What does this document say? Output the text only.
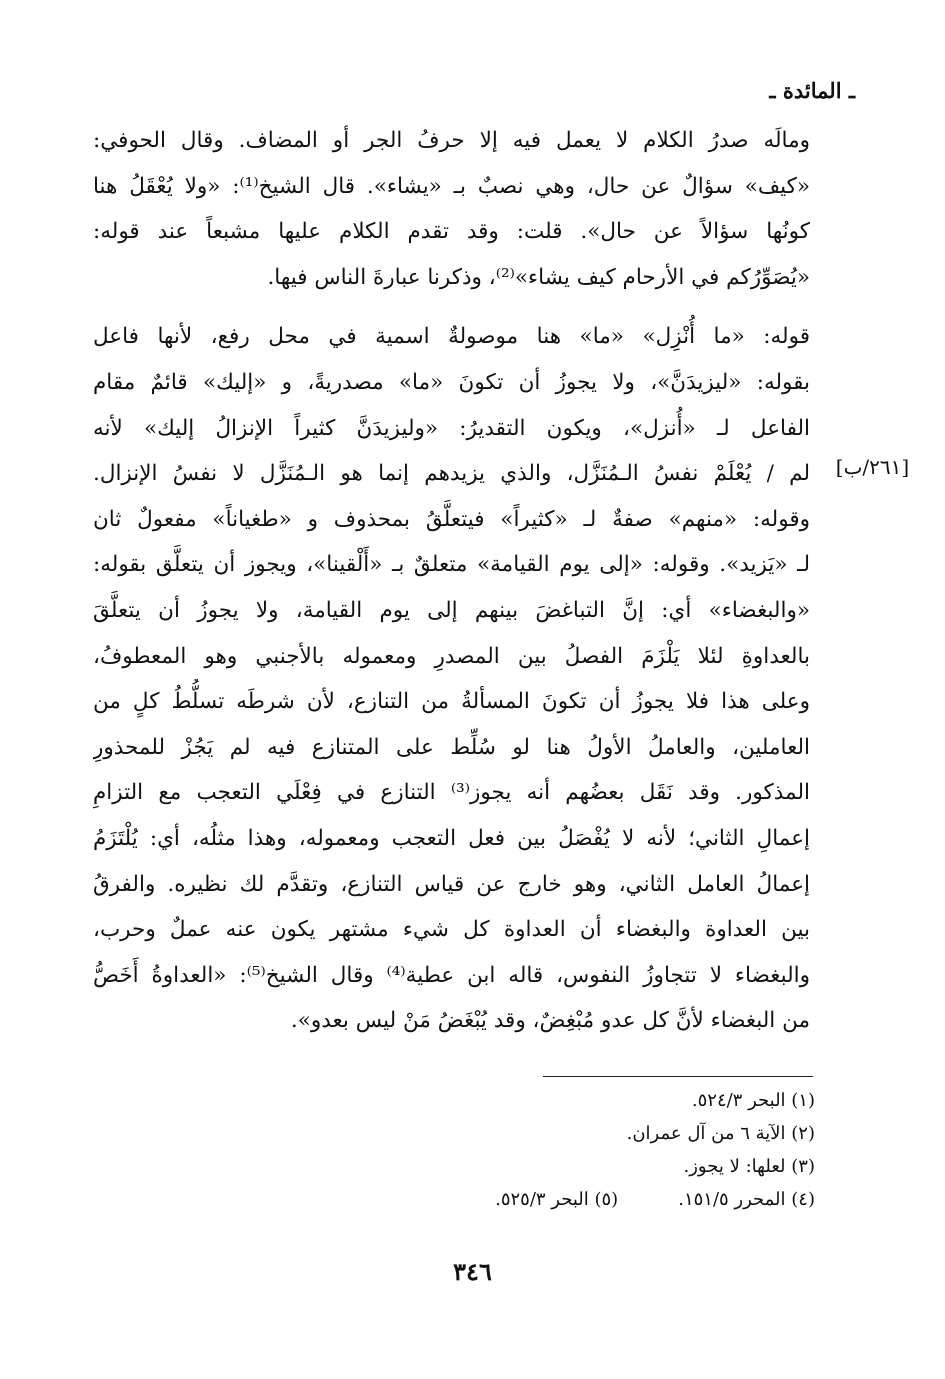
ـ المائدة ـ
[٢٦١/ب]
ومالَه صدرُ الكلام لا يعمل فيه إلا حرفُ الجر أو المضاف. وقال الحوفي:
«كيف» سؤالٌ عن حال، وهي نصبٌ بـ «يشاء». قال الشيخ⁽¹⁾: «ولا يُعْقَلُ هنا
كونُها سؤالاً عن حال». قلت: وقد تقدم الكلام عليها مشبعاً عند قوله:
«يُصَوِّرُكم في الأرحام كيف يشاء»⁽²⁾، وذكرنا عبارةَ الناس فيها.
قوله: «ما أُنْزِل» «ما» هنا موصولةٌ اسمية في محل رفع، لأنها فاعل
بقوله: «ليزيدَنَّ»، ولا يجوزُ أن تكونَ «ما» مصدريةً، و «إليك» قائمٌ مقام
الفاعل لـ «أُنزل»، ويكون التقديرُ: «وليزيدَنَّ كثيراً الإنزالُ إليك» لأنه
لم / يُعْلَمْ نفسُ الـمُنَزَّل، والذي يزيدهم إنما هو الـمُنَزَّل لا نفسُ الإنزال.
وقوله: «منهم» صفةٌ لـ «كثيراً» فيتعلَّقُ بمحذوف و «طغياناً» مفعولٌ ثان
لـ «يَزيد». وقوله: «إلى يوم القيامة» متعلقٌ بـ «أَلْقينا»، ويجوز أن يتعلَّق بقوله:
«والبغضاء» أي: إنَّ التباغضَ بينهم إلى يوم القيامة، ولا يجوزُ أن يتعلَّقَ
بالعداوةِ لئلا يَلْزَمَ الفصلُ بين المصدرِ ومعموله بالأجنبي وهو المعطوفُ،
وعلى هذا فلا يجوزُ أن تكونَ المسألةُ من التنازع، لأن شرطَه تسلُّطُ كلٍ من
العاملين، والعاملُ الأولُ هنا لو سُلِّط على المتنازع فيه لم يَجُزْ للمحذورِ
المذكور. وقد نَقَل بعضُهم أنه يجوز⁽³⁾ التنازع في فِعْلَي التعجب مع التزامِ
إعمالِ الثاني؛ لأنه لا يُفْصَلُ بين فعل التعجب ومعموله، وهذا مثلُه، أي: يُلْتَزَمُ
إعمالُ العامل الثاني، وهو خارج عن قياس التنازع، وتقدَّم لك نظيره. والفرقُ
بين العداوة والبغضاء أن العداوة كل شيء مشتهر يكون عنه عملٌ وحرب،
والبغضاء لا تتجاوزُ النفوس، قاله ابن عطية⁽⁴⁾ وقال الشيخ⁽⁵⁾: «العداوةُ أَخَصُّ
من البغضاء لأنَّ كل عدو مُبْغِضٌ، وقد يُبْغَضُ مَنْ ليس بعدو».
(١) البحر ٥٢٤/٣.
(٢) الآية ٦ من آل عمران.
(٣) لعلها: لا يجوز.
(٤) المحرر ١٥١/٥.(٥) البحر ٥٢٥/٣.
٣٤٦
